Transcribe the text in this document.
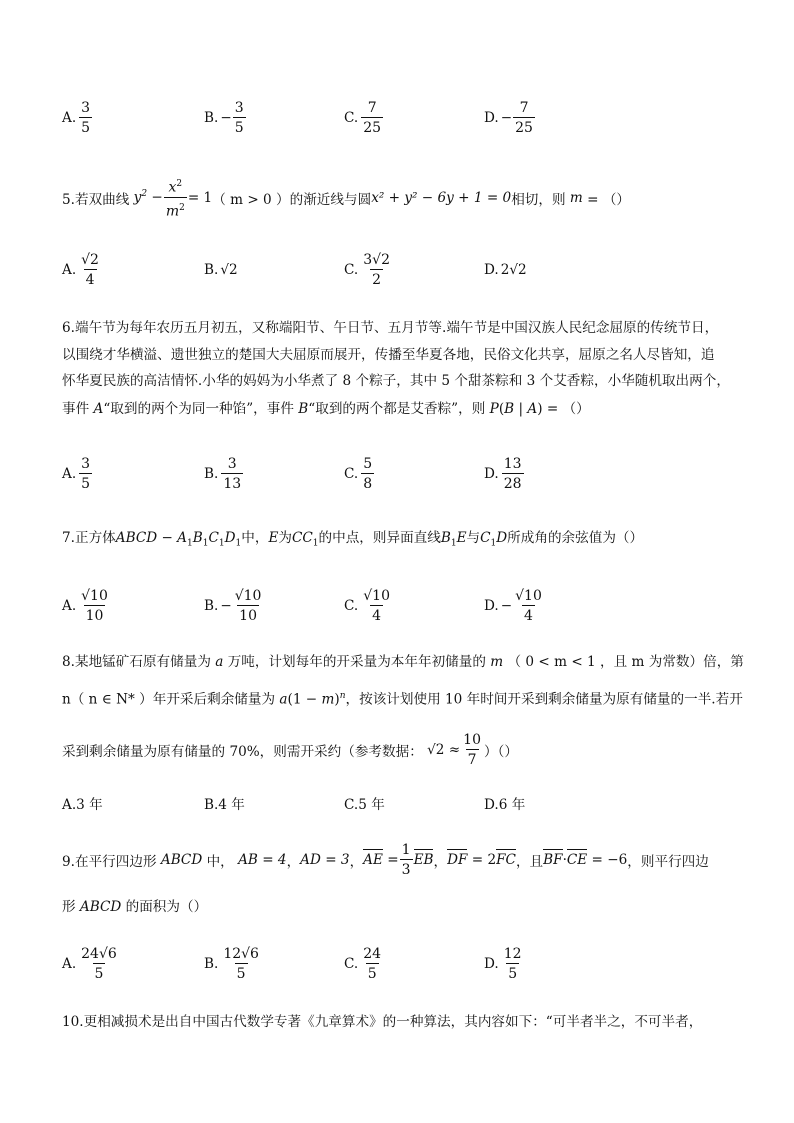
A. $\frac{3}{5}$	B. − $\frac{3}{5}$	C. $\frac{7}{25}$	D. − $\frac{7}{25}$
5.若双曲线 $y^2 - \frac{x^2}{m^2} = 1$ （ m > 0 ）的渐近线与圆 x² + y² − 6y + 1 = 0 相切，则
m
= （）
A. $\frac{√2}{4}$	B. √2	C. $\frac{3√2}{2}$	D. 2√2
6.端午节为每年农历五月初五，又称端阳节、午日节、五月节等.端午节是中国汉族人民纪念屈原的传统节日，
以围绕才华横溢、遗世独立的楚国大夫屈原而展开，传播至华夏各地，民俗文化共享，屈原之名人尽皆知，追
怀华夏民族的高洁情怀.小华的妈妈为小华煮了 8 个粽子，其中 5 个甜茶粽和 3 个艾香粽，小华随机取出两个，
事件 A“取到的两个为同一种馅”，事件 B“取到的两个都是艾香粽”，则 P(B | A) = （）
A. $\frac{3}{5}$	B. $\frac{3}{13}$	C. $\frac{5}{8}$	D. $\frac{13}{28}$
7.正方体ABCD − $A_1B_1C_1D_1$中，E为$CC_1$的中点，则异面直线$B_1E$与$C_1D$所成角的余弦值为（）
A. $\frac{√10}{10}$	B. − $\frac{√10}{10}$	C. $\frac{√10}{4}$	D. − $\frac{√10}{4}$
8.某地锰矿石原有储量为 a 万吨，计划每年的开采量为本年年初储量的 m （ 0 < m < 1 ，且 m 为常数）倍，第
n（ n ∈ N* ）年开采后剩余储量为 $a(1 - m)^n$，按该计划使用 10 年时间开采到剩余储量为原有储量的一半.若开
采到剩余储量为原有储量的 70%，则需开采约（参考数据：
$√2 \approx \frac{10}{7}$ ）（）
A.3 年	B.4 年	C.5 年	D.6 年
9.在平行四边形
ABCD
中，
AB = 4 ， AD = 3 ， AE = $\frac{1}{3}$ EB ， DF = 2 FC ，且 BF · CE = −6 ，则平行四边
形 ABCD 的面积为（）
A. $\frac{24√6}{5}$	B. $\frac{12√6}{5}$	C. $\frac{24}{5}$	D. $\frac{12}{5}$
10.更相减损术是出自中国古代数学专著《九章算术》的一种算法，其内容如下：“可半者半之，不可半者，
